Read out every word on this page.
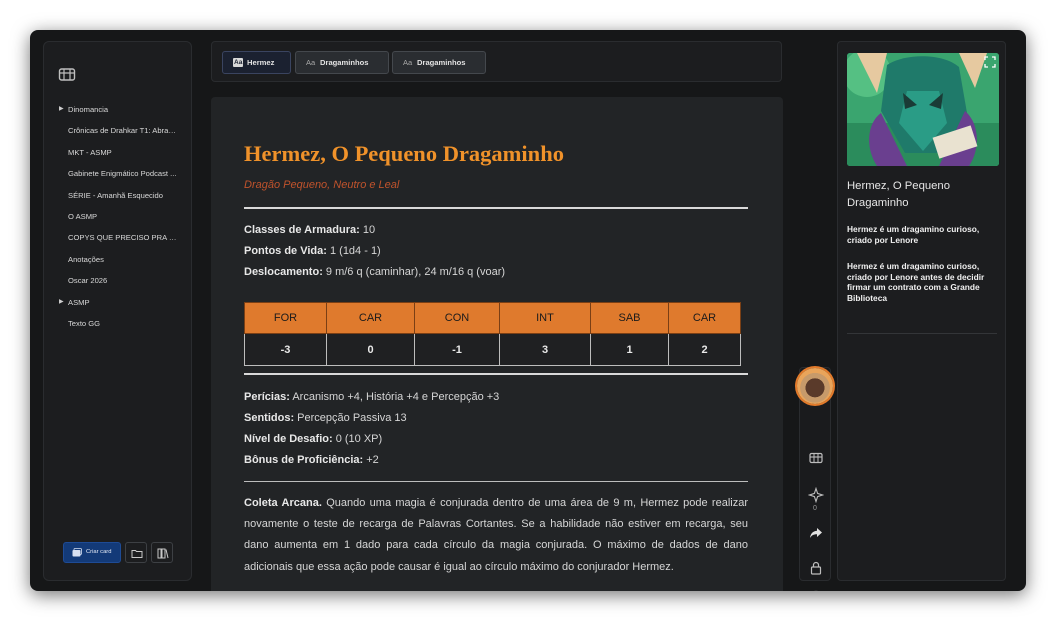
▶ Dinomancia
Crônicas de Drahkar T1: Abrak...
MKT - ASMP
Gabinete Enigmático Podcast ...
SÉRIE - Amanhã Esquecido
O ASMP
COPYS QUE PRECISO PRA LP
Anotações
Oscar 2026
▶ ASMP
Texto GG
Criar card
Aa Hermez	Aa Dragaminhos	Aa Dragaminhos
Hermez, O Pequeno Dragaminho
Dragão Pequeno, Neutro e Leal
Classes de Armadura: 10
Pontos de Vida: 1 (1d4 - 1)
Deslocamento: 9 m/6 q (caminhar), 24 m/16 q (voar)
FOR	CAR	CON	INT	SAB	CAR
-3	0	-1	3	1	2
Perícias: Arcanismo +4, História +4 e Percepção +3
Sentidos: Percepção Passiva 13
Nível de Desafio: 0 (10 XP)
Bônus de Proficiência: +2
Coleta Arcana. Quando uma magia é conjurada dentro de uma área de 9 m, Hermez pode realizar novamente o teste de recarga de Palavras Cortantes. Se a habilidade não estiver em recarga, seu dano aumenta em 1 dado para cada círculo da magia conjurada. O máximo de dados de dano adicionais que essa ação pode causar é igual ao círculo máximo do conjurador Hermez.
0
Hermez, O Pequeno Dragaminho
Hermez é um dragamino curioso, criado por Lenore
Hermez é um dragamino curioso, criado por Lenore antes de decidir firmar um contrato com a Grande Biblioteca
